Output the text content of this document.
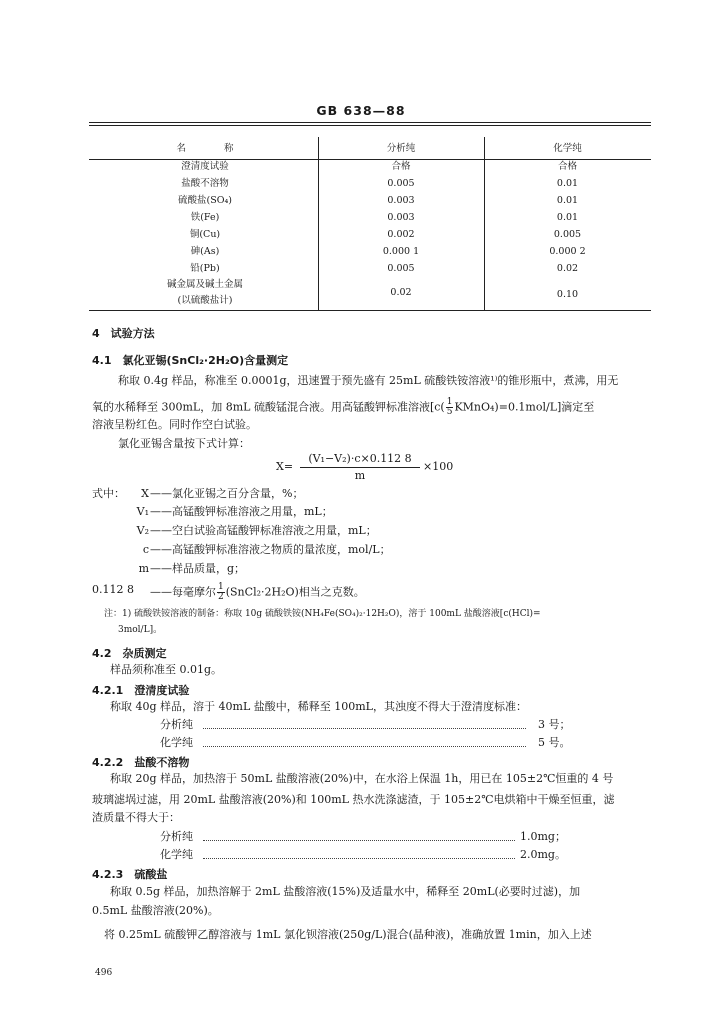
GB 638—88
名　　　　称	分析纯	化学纯
澄清度试验	合格	合格
盐酸不溶物	0.005	0.01
硫酸盐(SO₄)	0.003	0.01
铁(Fe)	0.003	0.01
铜(Cu)	0.002	0.005
砷(As)	0.000 1	0.000 2
铅(Pb)	0.005	0.02
碱金属及碱土金属
(以硫酸盐计)
0.02	0.10
4　试验方法
4.1　氯化亚锡(SnCl₂·2H₂O)含量测定
称取 0.4g 样品，称准至 0.0001g，迅速置于预先盛有 25mL 硫酸铁铵溶液¹⁾的锥形瓶中，煮沸，用无
氧的水稀释至 300mL，加 8mL 硫酸锰混合液。用高锰酸钾标准溶液[$c( \frac{1}{5}$ KMnO₄)=0.1mol/L]滴定至
溶液呈粉红色。同时作空白试验。
氯化亚锡含量按下式计算：
X=
(V₁−V₂)·c×0.112 8
m
×100
式中：	X ——氯化亚锡之百分含量，%；
V₁ ——高锰酸钾标准溶液之用量，mL；
V₂ ——空白试验高锰酸钾标准溶液之用量，mL；
c ——高锰酸钾标准溶液之物质的量浓度，mol/L；
m ——样品质量，g；
0.112 8 ——每毫摩尔 $\frac{1}{2}$ (SnCl₂·2H₂O)相当之克数。
注：1) 硫酸铁铵溶液的制备：称取 10g 硫酸铁铵(NH₄Fe(SO₄)₂·12H₂O)，溶于 100mL 盐酸溶液[c(HCl)=
3mol/L]。
4.2　杂质测定
样品须称准至 0.01g。
4.2.1　澄清度试验
称取 40g 样品，溶于 40mL 盐酸中，稀释至 100mL，其浊度不得大于澄清度标准：
分析纯	3 号；
化学纯	5 号。
4.2.2　盐酸不溶物
称取 20g 样品，加热溶于 50mL 盐酸溶液(20%)中，在水浴上保温 1h，用已在 105±2℃恒重的 4 号
玻璃滤埚过滤，用 20mL 盐酸溶液(20%)和 100mL 热水洗涤滤渣，于 105±2℃电烘箱中干燥至恒重，滤
渣质量不得大于：
分析纯	1.0mg；
化学纯	2.0mg。
4.2.3　硫酸盐
称取 0.5g 样品，加热溶解于 2mL 盐酸溶液(15%)及适量水中，稀释至 20mL(必要时过滤)，加
0.5mL 盐酸溶液(20%)。
将 0.25mL 硫酸钾乙醇溶液与 1mL 氯化钡溶液(250g/L)混合(晶种液)，准确放置 1min，加入上述
496
